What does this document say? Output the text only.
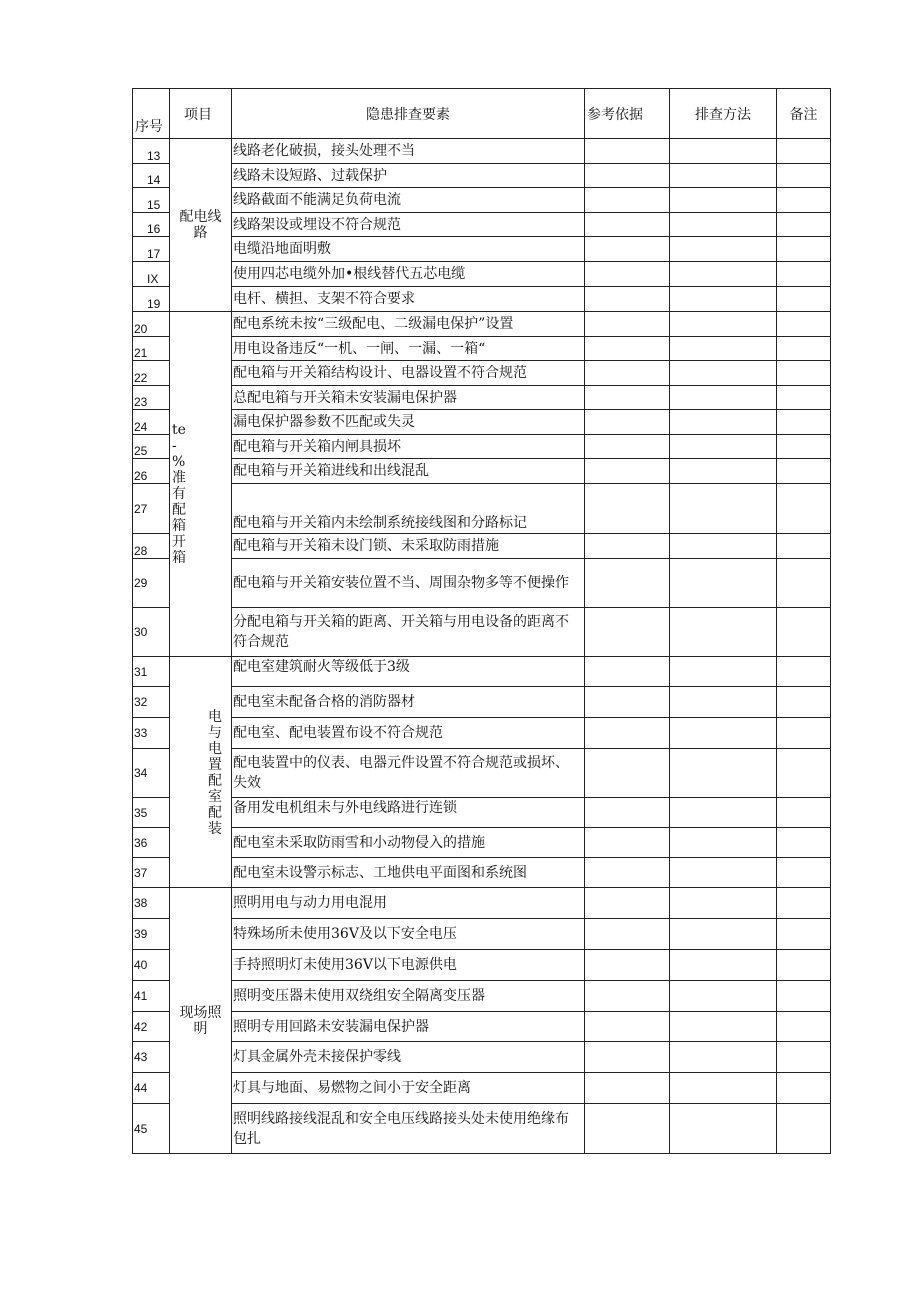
序号	项目	隐患排查要素	参考依据	排查方法	备注
13	配电线路	线路老化破损，接头处理不当			
14		线路未设短路、过载保护			
15		线路截面不能满足负荷电流			
16		线路架设或埋设不符合规范			
17		电缆沿地面明敷			
IX		使用四芯电缆外加•根线替代五芯电缆			
19		电杆、横担、支架不符合要求			
20	te-%准有配箱开箱	配电系统未按“三级配电、二级漏电保护”设置			
21		用电设备违反“一机、一闸、一漏、一箱“			
22		配电箱与开关箱结构设计、电器设置不符合规范			
23		总配电箱与开关箱未安装漏电保护器			
24		漏电保护器参数不匹配或失灵			
25		配电箱与开关箱内闸具损坏			
26		配电箱与开关箱进线和出线混乱			
27		配电箱与开关箱内未绘制系统接线图和分路标记			
28		配电箱与开关箱未设门锁、未采取防雨措施			
29		配电箱与开关箱安装位置不当、周围杂物多等不便操作			
30		分配电箱与开关箱的距离、开关箱与用电设备的距离不符合规范			
31	电与电置配室配装	配电室建筑耐火等级低于3级			
32		配电室未配备合格的消防器材			
33		配电室、配电装置布设不符合规范			
34		配电装置中的仪表、电器元件设置不符合规范或损坏、失效			
35		备用发电机组未与外电线路进行连锁			
36		配电室未采取防雨雪和小动物侵入的措施			
37		配电室未设警示标志、工地供电平面图和系统图			
38	现场照明	照明用电与动力用电混用			
39		特殊场所未使用36V及以下安全电压			
40		手持照明灯未使用36V以下电源供电			
41		照明变压器未使用双绕组安全隔离变压器			
42		照明专用回路未安装漏电保护器			
43		灯具金属外壳未接保护零线			
44		灯具与地面、易燃物之间小于安全距离			
45		照明线路接线混乱和安全电压线路接头处未使用绝缘布包扎			
